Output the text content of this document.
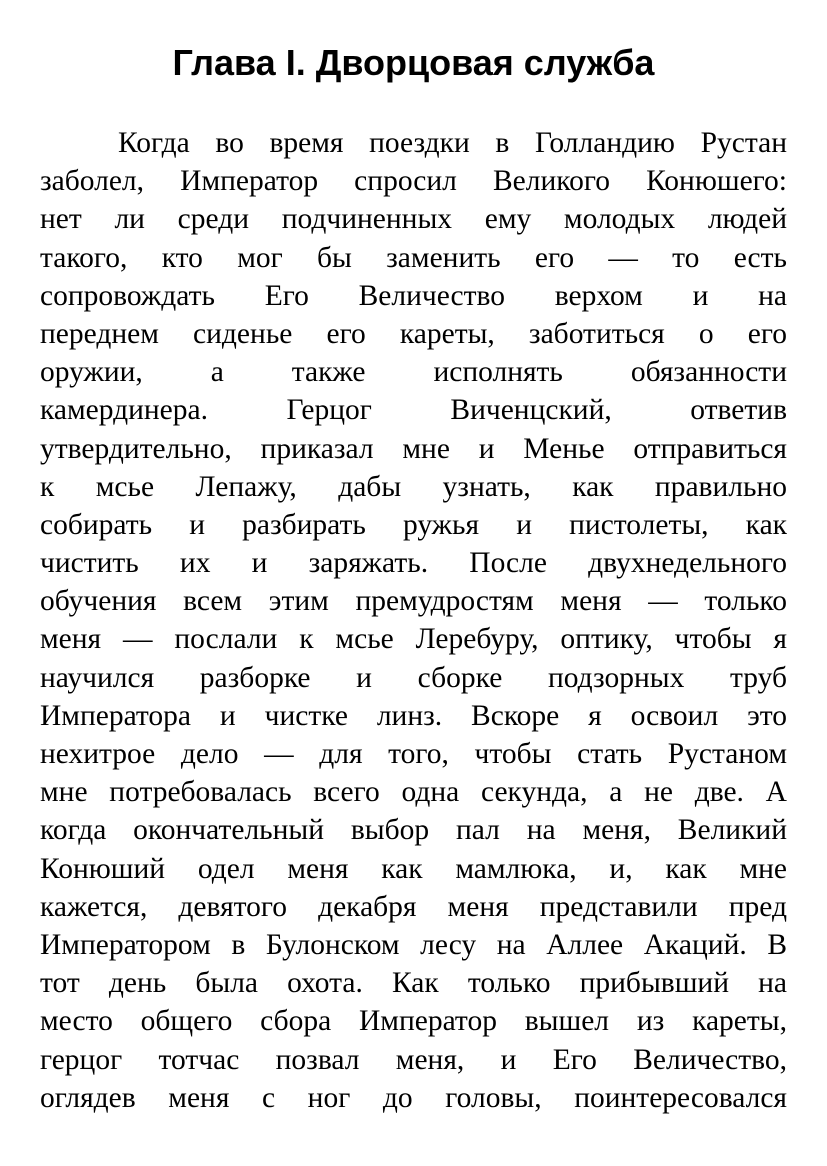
Глава I. Дворцовая служба
Когда во время поездки в Голландию Рустан
заболел, Император спросил Великого Конюшего:
нет ли среди подчиненных ему молодых людей
такого, кто мог бы заменить его — то есть
сопровождать Его Величество верхом и на
переднем сиденье его кареты, заботиться о его
оружии, а также исполнять обязанности
камердинера. Герцог Виченцский, ответив
утвердительно, приказал мне и Менье отправиться
к мсье Лепажу, дабы узнать, как правильно
собирать и разбирать ружья и пистолеты, как
чистить их и заряжать. После двухнедельного
обучения всем этим премудростям меня — только
меня — послали к мсье Леребуру, оптику, чтобы я
научился разборке и сборке подзорных труб
Императора и чистке линз. Вскоре я освоил это
нехитрое дело — для того, чтобы стать Рустаном
мне потребовалась всего одна секунда, а не две. А
когда окончательный выбор пал на меня, Великий
Конюший одел меня как мамлюка, и, как мне
кажется, девятого декабря меня представили пред
Императором в Булонском лесу на Аллее Акаций. В
тот день была охота. Как только прибывший на
место общего сбора Император вышел из кареты,
герцог тотчас позвал меня, и Его Величество,
оглядев меня с ног до головы, поинтересовался
